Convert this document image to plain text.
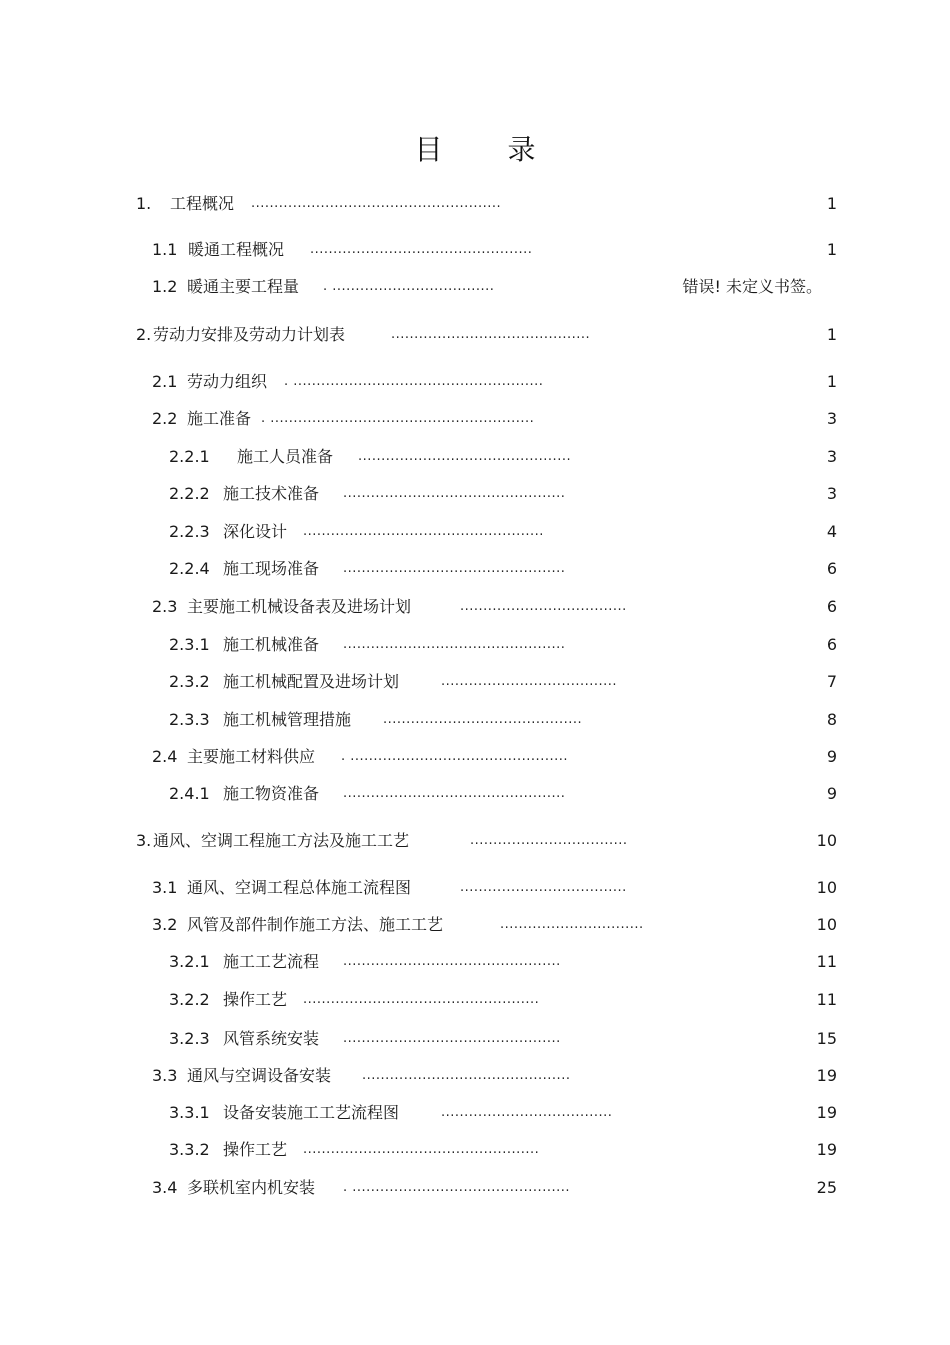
目 录
1. 工程概况 ......................................................	1
1.1 暖通工程概况 ................................................	1
1.2 暖通主要工程量 . ...................................	错误! 未定义书签。
2. 劳动力安排及劳动力计划表	...........................................	1
2.1 劳动力组织 . ......................................................	1
2.2 施工准备 . .........................................................	3
2.2.1 施工人员准备 ..............................................	3
2.2.2 施工技术准备 ................................................	3
2.2.3 深化设计 ....................................................	4
2.2.4 施工现场准备 ................................................	6
2.3 主要施工机械设备表及进场计划	....................................	6
2.3.1 施工机械准备 ................................................	6
2.3.2 施工机械配置及进场计划	......................................	7
2.3.3 施工机械管理措施 ...........................................	8
2.4 主要施工材料供应 . ...............................................	9
2.4.1 施工物资准备 ................................................	9
3. 通风、空调工程施工方法及施工工艺	..................................	10
3.1 通风、空调工程总体施工流程图	....................................	10
3.2 风管及部件制作施工方法、施工工艺	...............................	10
3.2.1 施工工艺流程 ...............................................	11
3.2.2 操作工艺 ...................................................	11
3.2.3 风管系统安装 ...............................................	15
3.3 通风与空调设备安装 .............................................	19
3.3.1 设备安装施工工艺流程图	.....................................	19
3.3.2 操作工艺 ...................................................	19
3.4 多联机室内机安装 . ...............................................	25
